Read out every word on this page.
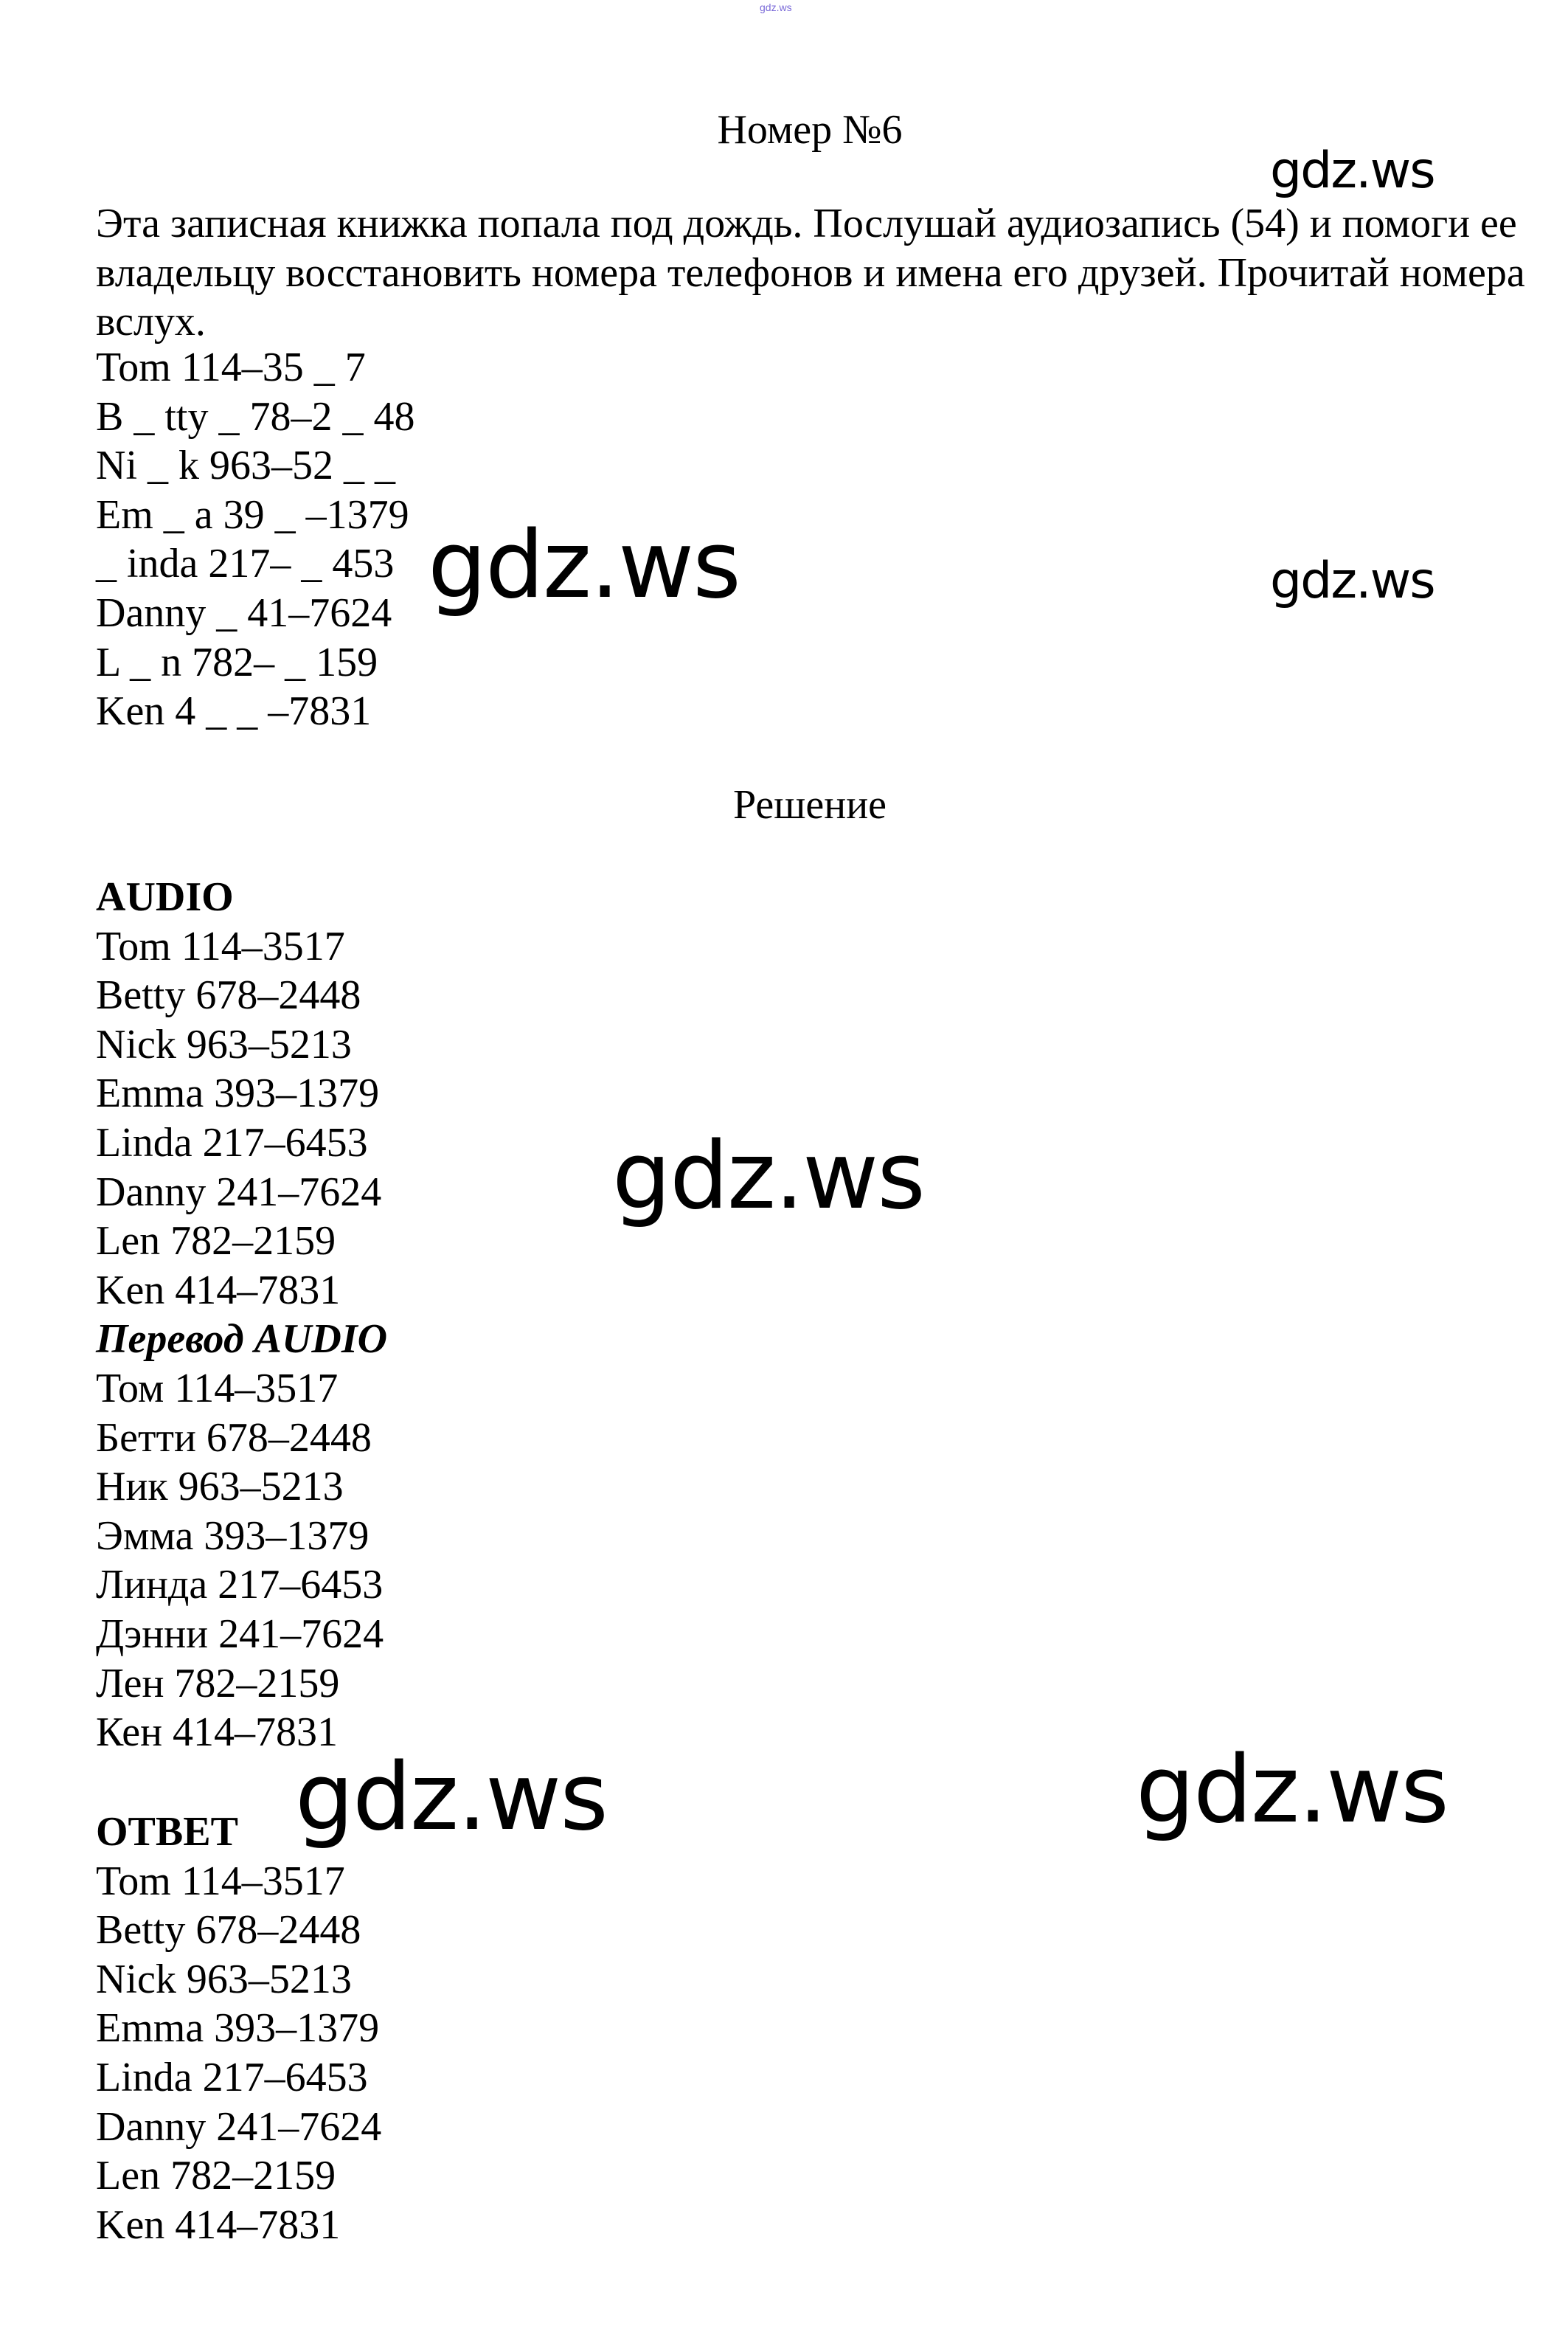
gdz.ws
Номер №6
Эта записная книжка попала под дождь. Послушай аудиозапись (54) и помоги ее владельцу восстановить номера телефонов и имена его друзей. Прочитай номера вслух.
Tom 114–35 _ 7
B _ tty _ 78–2 _ 48
Ni _ k 963–52 _ _
Em _ a 39 _ –1379
_ inda 217– _ 453
Danny _ 41–7624
L _ n 782– _ 159
Ken 4 _ _ –7831
Решение
AUDIO
Tom 114–3517
Betty 678–2448
Nick 963–5213
Emma 393–1379
Linda 217–6453
Danny 241–7624
Len 782–2159
Ken 414–7831
Перевод AUDIO
Том 114–3517
Бетти 678–2448
Ник 963–5213
Эмма 393–1379
Линда 217–6453
Дэнни 241–7624
Лен 782–2159
Кен 414–7831
ОТВЕТ
Tom 114–3517
Betty 678–2448
Nick 963–5213
Emma 393–1379
Linda 217–6453
Danny 241–7624
Len 782–2159
Ken 414–7831
gdz.ws
gdz.ws	gdz.ws
gdz.ws
gdz.ws	gdz.ws
